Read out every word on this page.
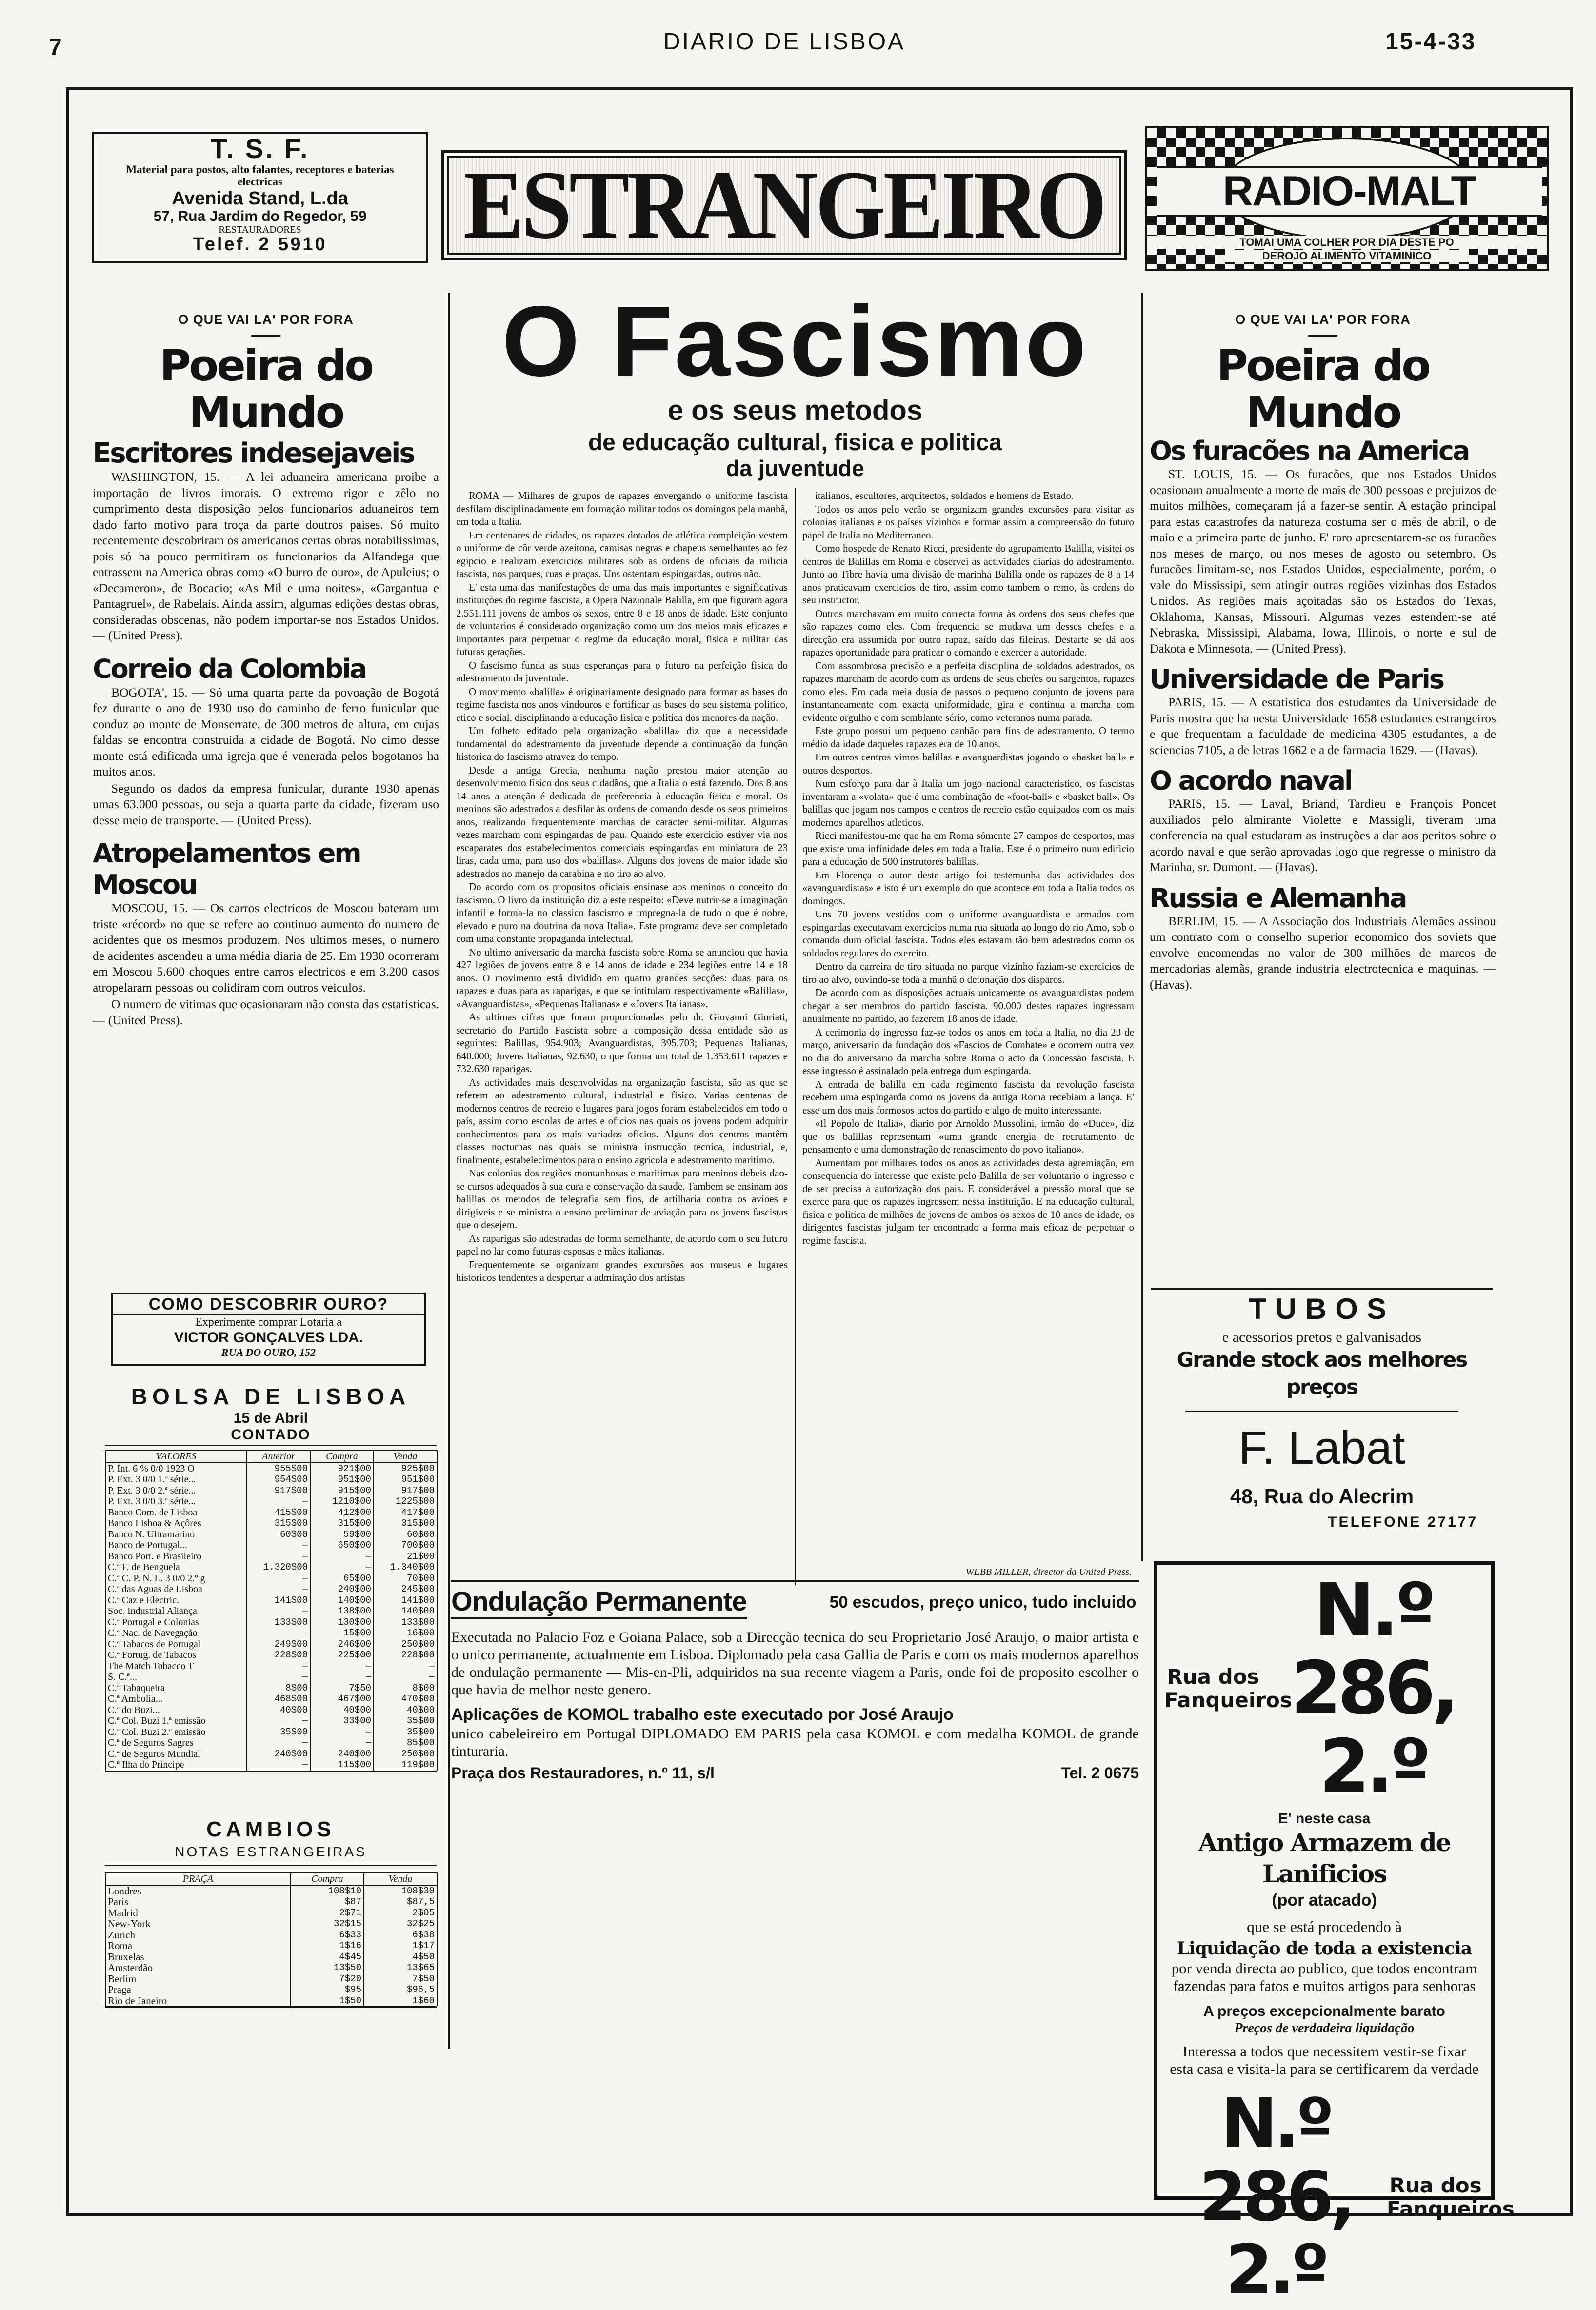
7	DIARIO DE LISBOA	15-4-33
T. S. F.
Material para postos, alto falantes, receptores e baterias electricas
Avenida Stand, L.da
57, Rua Jardim do Regedor, 59
RESTAURADORES
Telef. 2 5910	ESTRANGEIRO	RADIO-MALT
TOMAI UMA COLHER POR DIA DESTE PO
DEROJO ALIMENTO VITAMINICO
O QUE VAI LA' POR FORA
Poeira do Mundo
Escritores indesejaveis

WASHINGTON, 15. — A lei aduaneira americana proibe a importação de livros imorais. O extremo rigor e zêlo no cumprimento desta disposição pelos funcionarios aduaneiros tem dado farto motivo para troça da parte doutros paises. Só muito recentemente descobriram os americanos certas obras notabilissimas, pois só ha pouco permitiram os funcionarios da Alfandega que entrassem na America obras como «O burro de ouro», de Apuleius; o «Decameron», de Bocacio; «As Mil e uma noites», «Gargantua e Pantagruel», de Rabelais. Ainda assim, algumas edições destas obras, consideradas obscenas, não podem importar-se nos Estados Unidos. — (United Press).

Correio da Colombia

BOGOTA', 15. — Só uma quarta parte da povoação de Bogotá fez durante o ano de 1930 uso do caminho de ferro funicular que conduz ao monte de Monserrate, de 300 metros de altura, em cujas faldas se encontra construida a cidade de Bogotá. No cimo desse monte está edificada uma igreja que é venerada pelos bogotanos ha muitos anos.

Segundo os dados da empresa funicular, durante 1930 apenas umas 63.000 pessoas, ou seja a quarta parte da cidade, fizeram uso desse meio de transporte. — (United Press).

Atropelamentos em Moscou

MOSCOU, 15. — Os carros electricos de Moscou bateram um triste «récord» no que se refere ao continuo aumento do numero de acidentes que os mesmos produzem. Nos ultimos meses, o numero de acidentes ascendeu a uma média diaria de 25. Em 1930 ocorreram em Moscou 5.600 choques entre carros electricos e em 3.200 casos atropelaram pessoas ou colidiram com outros veiculos.

O numero de vitimas que ocasionaram não consta das estatisticas. — (United Press).

COMO DESCOBRIR OURO?
Experimente comprar Lotaria a
VICTOR GONÇALVES LDA.
RUA DO OURO, 152
BOLSA DE LISBOA
15 de Abril
CONTADO
VALORES	Anterior	Compra	Venda
P. Int. 6 % 0/0 1923 O	955$00	921$00	925$00
P. Ext. 3 0/0 1.ª série...	954$00	951$00	951$00
P. Ext. 3 0/0 2.ª série...	917$00	915$00	917$00
P. Ext. 3 0/0 3.ª série...	—	1210$00	1225$00
Banco Com. de Lisboa	415$00	412$00	417$00
Banco Lisboa & Açôres	315$00	315$00	315$00
Banco N. Ultramarino	60$00	59$00	60$00
Banco de Portugal...	—	650$00	700$00
Banco Port. e Brasileiro	—	—	21$00
C.ª F. de Benguela	1.320$00	—	1.340$00
C.ª C. P. N. L. 3 0/0 2.º g	—	65$00	70$00
C.ª das Aguas de Lisboa	—	240$00	245$00
C.ª Caz e Electric.	141$00	140$00	141$00
Soc. Industrial Aliança	—	138$00	140$00
C.ª Portugal e Colonias	133$00	130$00	133$00
C.ª Nac. de Navegação	—	15$00	16$00
C.ª Tabacos de Portugal	249$00	246$00	250$00
C.ª Fortug. de Tabacos	228$00	225$00	228$00
The Match Tobacco T	—	—	—
S. C.ª...	—	—	—
C.ª Tabaqueira	8$00	7$50	8$00
C.ª Ambolia...	468$00	467$00	470$00
C.ª do Buzi...	40$00	40$00	40$00
C.ª Col. Buzi 1.ª emissão	—	33$00	35$00
C.ª Col. Buzi 2.ª emissão	35$00	—	35$00
C.ª de Seguros Sagres	—	—	85$00
C.ª de Seguros Mundial	240$00	240$00	250$00
C.ª Ilha do Principe	—	115$00	119$00
CAMBIOS
NOTAS ESTRANGEIRAS
PRAÇA	Compra	Venda
Londres	108$10	108$30
Paris	$87	$87,5
Madrid	2$71	2$85
New-York	32$15	32$25
Zurich	6$33	6$38
Roma	1$16	1$17
Bruxelas	4$45	4$50
Amsterdão	13$50	13$65
Berlim	7$20	7$50
Praga	$95	$96,5
Rio de Janeiro	1$50	1$60
O Fascismo
e os seus metodos
de educação cultural, fisica e politica
da juventude

ROMA — Milhares de grupos de rapazes envergando o uniforme fascista desfilam disciplinadamente em formação militar todos os domingos pela manhã, em toda a Italia.

Em centenares de cidades, os rapazes dotados de atlética compleição vestem o uniforme de côr verde azeitona, camisas negras e chapeus semelhantes ao fez egipcio e realizam exercicios militares sob as ordens de oficiais da milicia fascista, nos parques, ruas e praças. Uns ostentam espingardas, outros não.

E' esta uma das manifestações de uma das mais importantes e significativas instituições do regime fascista, a Opera Nazionale Balilla, em que figuram agora 2.551.111 jovens de ambos os sexos, entre 8 e 18 anos de idade. Este conjunto de voluntarios é considerado organização como um dos meios mais eficazes e importantes para perpetuar o regime da educação moral, fisica e militar das futuras gerações.

O fascismo funda as suas esperanças para o futuro na perfeição fisica do adestramento da juventude.

O movimento «balilla» é originariamente designado para formar as bases do regime fascista nos anos vindouros e fortificar as bases do seu sistema politico, etico e social, disciplinando a educação fisica e politica dos menores da nação.

Um folheto editado pela organização «balilla» diz que a necessidade fundamental do adestramento da juventude depende a continuação da função historica do fascismo atravez do tempo.

Desde a antiga Grecia, nenhuma nação prestou maior atenção ao desenvolvimento fisico dos seus cidadãos, que a Italia o está fazendo. Dos 8 aos 14 anos a atenção é dedicada de preferencia à educação fisica e moral. Os meninos são adestrados a desfilar às ordens de comando desde os seus primeiros anos, realizando frequentemente marchas de caracter semi-militar. Algumas vezes marcham com espingardas de pau. Quando este exercicio estiver via nos escaparates dos estabelecimentos comerciais espingardas em miniatura de 23 liras, cada uma, para uso dos «balillas». Alguns dos jovens de maior idade são adestrados no manejo da carabina e no tiro ao alvo.

Do acordo com os propositos oficiais ensinase aos meninos o conceito do fascismo. O livro da instituição diz a este respeito: «Deve nutrir-se a imaginação infantil e forma-la no classico fascismo e impregna-la de tudo o que é nobre, elevado e puro na doutrina da nova Italia». Este programa deve ser completado com uma constante propaganda intelectual.

No ultimo aniversario da marcha fascista sobre Roma se anunciou que havia 427 legiões de jovens entre 8 e 14 anos de idade e 234 legiões entre 14 e 18 anos. O movimento está dividido em quatro grandes secções: duas para os rapazes e duas para as raparigas, e que se intitulam respectivamente «Balillas», «Avanguardistas», «Pequenas Italianas» e «Jovens Italianas».

As ultimas cifras que foram proporcionadas pelo dr. Giovanni Giuriati, secretario do Partido Fascista sobre a composição dessa entidade são as seguintes: Balillas, 954.903; Avanguardistas, 395.703; Pequenas Italianas, 640.000; Jovens Italianas, 92.630, o que forma um total de 1.353.611 rapazes e 732.630 raparigas.

As actividades mais desenvolvidas na organização fascista, são as que se referem ao adestramento cultural, industrial e fisico. Varias centenas de modernos centros de recreio e lugares para jogos foram estabelecidos em todo o país, assim como escolas de artes e oficios nas quais os jovens podem adquirir conhecimentos para os mais variados ofícios. Alguns dos centros mantêm classes nocturnas nas quais se ministra instrucção tecnica, industrial, e, finalmente, estabelecimentos para o ensino agricola e adestramento maritimo.

Nas colonias dos regiões montanhosas e maritimas para meninos debeis dao-se cursos adequados à sua cura e conservação da saude. Tambem se ensinam aos balillas os metodos de telegrafia sem fios, de artilharia contra os avioes e dirigiveis e se ministra o ensino preliminar de aviação para os jovens fascistas que o desejem.

As raparigas são adestradas de forma semelhante, de acordo com o seu futuro papel no lar como futuras esposas e mães italianas.

Frequentemente se organizam grandes excursões aos museus e lugares historicos tendentes a despertar a admiração dos artistas

italianos, escultores, arquitectos, soldados e homens de Estado.

Todos os anos pelo verão se organizam grandes excursões para visitar as colonias italianas e os países vizinhos e formar assim a compreensão do futuro papel de Italia no Mediterraneo.

Como hospede de Renato Ricci, presidente do agrupamento Balilla, visitei os centros de Balillas em Roma e observei as actividades diarias do adestramento. Junto ao Tibre havia uma divisão de marinha Balilla onde os rapazes de 8 a 14 anos praticavam exercicios de tiro, assim como tambem o remo, às ordens do seu instructor.

Outros marchavam em muito correcta forma às ordens dos seus chefes que são rapazes como eles. Com frequencia se mudava um desses chefes e a direcção era assumida por outro rapaz, saído das fileiras. Destarte se dá aos rapazes oportunidade para praticar o comando e exercer a autoridade.

Com assombrosa precisão e a perfeita disciplina de soldados adestrados, os rapazes marcham de acordo com as ordens de seus chefes ou sargentos, rapazes como eles. Em cada meia dusia de passos o pequeno conjunto de jovens para instantaneamente com exacta uniformidade, gira e continua a marcha com evidente orgulho e com semblante sério, como veteranos numa parada.

Este grupo possui um pequeno canhão para fins de adestramento. O termo médio da idade daqueles rapazes era de 10 anos.

Em outros centros vimos balillas e avanguardistas jogando o «basket ball» e outros desportos.

Num esforço para dar à Italia um jogo nacional caracteristico, os fascistas inventaram a «volata» que é uma combinação de «foot-ball» e «basket ball». Os balillas que jogam nos campos e centros de recreio estão equipados com os mais modernos aparelhos atleticos.

Ricci manifestou-me que ha em Roma sómente 27 campos de desportos, mas que existe uma infinidade deles em toda a Italia. Este é o primeiro num edificio para a educação de 500 instrutores balillas.

Em Florença o autor deste artigo foi testemunha das actividades dos «avanguardistas» e isto é um exemplo do que acontece em toda a Italia todos os domingos.

Uns 70 jovens vestidos com o uniforme avanguardista e armados com espingardas executavam exercicios numa rua situada ao longo do rio Arno, sob o comando dum oficial fascista. Todos eles estavam tão bem adestrados como os soldados regulares do exercito.

Dentro da carreira de tiro situada no parque vizinho faziam-se exercicios de tiro ao alvo, ouvindo-se toda a manhã o detonação dos disparos.

De acordo com as disposições actuais unicamente os avanguardistas podem chegar a ser membros do partido fascista. 90.000 destes rapazes ingressam anualmente no partido, ao fazerem 18 anos de idade.

A cerimonia do ingresso faz-se todos os anos em toda a Italia, no dia 23 de março, aniversario da fundação dos «Fascios de Combate» e ocorrem outra vez no dia do aniversario da marcha sobre Roma o acto da Concessão fascista. E esse ingresso é assinalado pela entrega dum espingarda.

A entrada de balilla em cada regimento fascista da revolução fascista recebem uma espingarda como os jovens da antiga Roma recebiam a lança. E' esse um dos mais formosos actos do partido e algo de muito interessante.

«Il Popolo de Italia», diario por Arnoldo Mussolini, irmão do «Duce», diz que os balillas representam «uma grande energia de recrutamento de pensamento e uma demonstração de renascimento do povo italiano».

Aumentam por milhares todos os anos as actividades desta agremiação, em consequencia do interesse que existe pelo Balilla de ser voluntario o ingresso e de ser precisa a autorização dos pais. E considerável a pressão moral que se exerce para que os rapazes ingressem nessa instituição. E na educação cultural, fisica e politica de milhões de jovens de ambos os sexos de 10 anos de idade, os dirigentes fascistas julgam ter encontrado a forma mais eficaz de perpetuar o regime fascista.

WEBB MILLER, director da United Press.
Ondulação Permanente	50 escudos, preço unico, tudo incluido
Executada no Palacio Foz e Goiana Palace, sob a Direcção tecnica do seu Proprietario José Araujo, o maior artista e o unico permanente, actualmente em Lisboa. Diplomado pela casa Gallia de Paris e com os mais modernos aparelhos de ondulação permanente — Mis-en-Pli, adquiridos na sua recente viagem a Paris, onde foi de proposito escolher o que havia de melhor neste genero.
Aplicações de KOMOL trabalho este executado por José Araujo
unico cabeleireiro em Portugal DIPLOMADO EM PARIS pela casa KOMOL e com medalha KOMOL de grande tinturaria.
Praça dos Restauradores, n.º 11, s/l	Tel. 2 0675
O QUE VAI LA' POR FORA
Poeira do Mundo
Os furacões na America

ST. LOUIS, 15. — Os furacões, que nos Estados Unidos ocasionam anualmente a morte de mais de 300 pessoas e prejuizos de muitos milhões, começaram já a fazer-se sentir. A estação principal para estas catastrofes da natureza costuma ser o mês de abril, o de maio e a primeira parte de junho. E' raro apresentarem-se os furacões nos meses de março, ou nos meses de agosto ou setembro. Os furacões limitam-se, nos Estados Unidos, especialmente, porém, o vale do Mississipi, sem atingir outras regiões vizinhas dos Estados Unidos. As regiões mais açoitadas são os Estados do Texas, Oklahoma, Kansas, Missouri. Algumas vezes estendem-se até Nebraska, Mississipi, Alabama, Iowa, Illinois, o norte e sul de Dakota e Minnesota. — (United Press).

Universidade de Paris

PARIS, 15. — A estatistica dos estudantes da Universidade de Paris mostra que ha nesta Universidade 1658 estudantes estrangeiros e que frequentam a faculdade de medicina 4305 estudantes, a de sciencias 7105, a de letras 1662 e a de farmacia 1629. — (Havas).

O acordo naval

PARIS, 15. — Laval, Briand, Tardieu e François Poncet auxiliados pelo almirante Violette e Massigli, tiveram uma conferencia na qual estudaram as instruções a dar aos peritos sobre o acordo naval e que serão aprovadas logo que regresse o ministro da Marinha, sr. Dumont. — (Havas).

Russia e Alemanha

BERLIM, 15. — A Associação dos Industriais Alemães assinou um contrato com o conselho superior economico dos soviets que envolve encomendas no valor de 300 milhões de marcos de mercadorias alemãs, grande industria electrotecnica e maquinas. — (Havas).

TUBOS
e acessorios pretos e galvanisados
Grande stock aos melhores preços
F. Labat
48, Rua do Alecrim
TELEFONE 27177
Rua dos Fanqueiros
N.º 286, 2.º
E' neste casa
Antigo Armazem de Lanificios
(por atacado)
que se está procedendo à
Liquidação de toda a existencia
por venda directa ao publico, que todos encontram fazendas para fatos e muitos artigos para senhoras
A preços excepcionalmente barato
Preços de verdadeira liquidação
Interessa a todos que necessitem vestir-se fixar esta casa e visita-la para se certificarem da verdade
N.º 286, 2.º
Rua dos Fanqueiros
